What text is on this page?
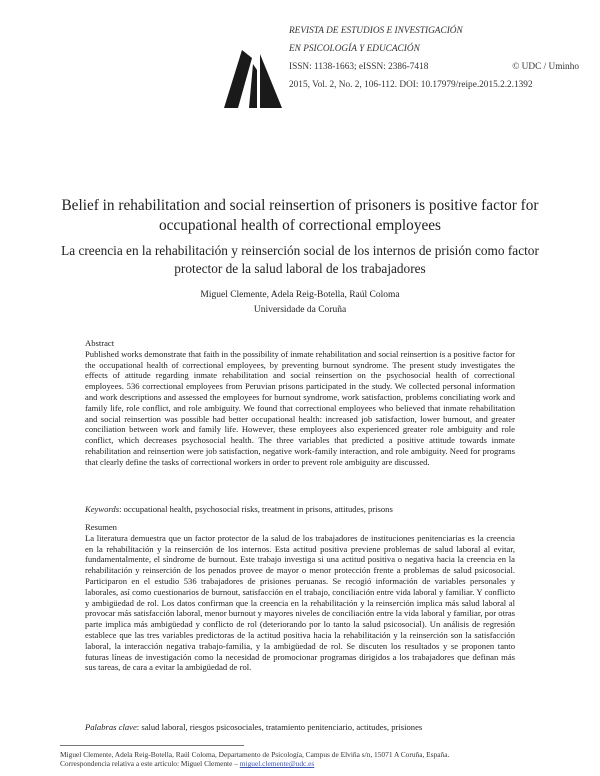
REVISTA DE ESTUDIOS E INVESTIGACIÓN
EN PSICOLOGÍA Y EDUCACIÓN
ISSN: 1138-1663; eISSN: 2386-7418	© UDC / Uminho
2015, Vol. 2, No. 2, 106-112. DOI: 10.17979/reipe.2015.2.2.1392
Belief in rehabilitation and social reinsertion of prisoners is positive factor for occupational health of correctional employees
La creencia en la rehabilitación y reinserción social de los internos de prisión como factor protector de la salud laboral de los trabajadores
Miguel Clemente, Adela Reig-Botella, Raúl Coloma
Universidade da Coruña
Abstract
Published works demonstrate that faith in the possibility of inmate rehabilitation and social reinsertion is a positive factor for the occupational health of correctional employees, by preventing burnout syndrome. The present study investigates the effects of attitude regarding inmate rehabilitation and social reinsertion on the psychosocial health of correctional employees. 536 correctional employees from Peruvian prisons participated in the study. We collected personal information and work descriptions and assessed the employees for burnout syndrome, work satisfaction, problems conciliating work and family life, role conflict, and role ambiguity. We found that correctional employees who believed that inmate rehabilitation and social reinsertion was possible had better occupational health: increased job satisfaction, lower burnout, and greater conciliation between work and family life. However, these employees also experienced greater role ambiguity and role conflict, which decreases psychosocial health. The three variables that predicted a positive attitude towards inmate rehabilitation and reinsertion were job satisfaction, negative work-family interaction, and role ambiguity. Need for programs that clearly define the tasks of correctional workers in order to prevent role ambiguity are discussed.
Keywords: occupational health, psychosocial risks, treatment in prisons, attitudes, prisons
Resumen
La literatura demuestra que un factor protector de la salud de los trabajadores de instituciones penitenciarias es la creencia en la rehabilitación y la reinserción de los internos. Esta actitud positiva previene problemas de salud laboral al evitar, fundamentalmente, el síndrome de burnout. Este trabajo investiga si una actitud positiva o negativa hacia la creencia en la rehabilitación y reinserción de los penados provee de mayor o menor protección frente a problemas de salud psicosocial. Participaron en el estudio 536 trabajadores de prisiones peruanas. Se recogió información de variables personales y laborales, así como cuestionarios de burnout, satisfacción en el trabajo, conciliación entre vida laboral y familiar. Y conflicto y ambigüedad de rol. Los datos confirman que la creencia en la rehabilitación y la reinserción implica más salud laboral al provocar más satisfacción laboral, menor burnout y mayores niveles de conciliación entre la vida laboral y familiar, por otras parte implica más ambigüedad y conflicto de rol (deteriorando por lo tanto la salud psicosocial). Un análisis de regresión establece que las tres variables predictoras de la actitud positiva hacia la rehabilitación y la reinserción son la satisfacción laboral, la interacción negativa trabajo-familia, y la ambigüedad de rol. Se discuten los resultados y se proponen tanto futuras líneas de investigación como la necesidad de promocionar programas dirigidos a los trabajadores que definan más sus tareas, de cara a evitar la ambigüedad de rol.
Palabras clave: salud laboral, riesgos psicosociales, tratamiento penitenciario, actitudes, prisiones
Miguel Clemente, Adela Reig-Botella, Raúl Coloma, Departamento de Psicología, Campus de Elviña s/n, 15071 A Coruña, España.
Correspondencia relativa a este artículo: Miguel Clemente – miguel.clemente@udc.es
